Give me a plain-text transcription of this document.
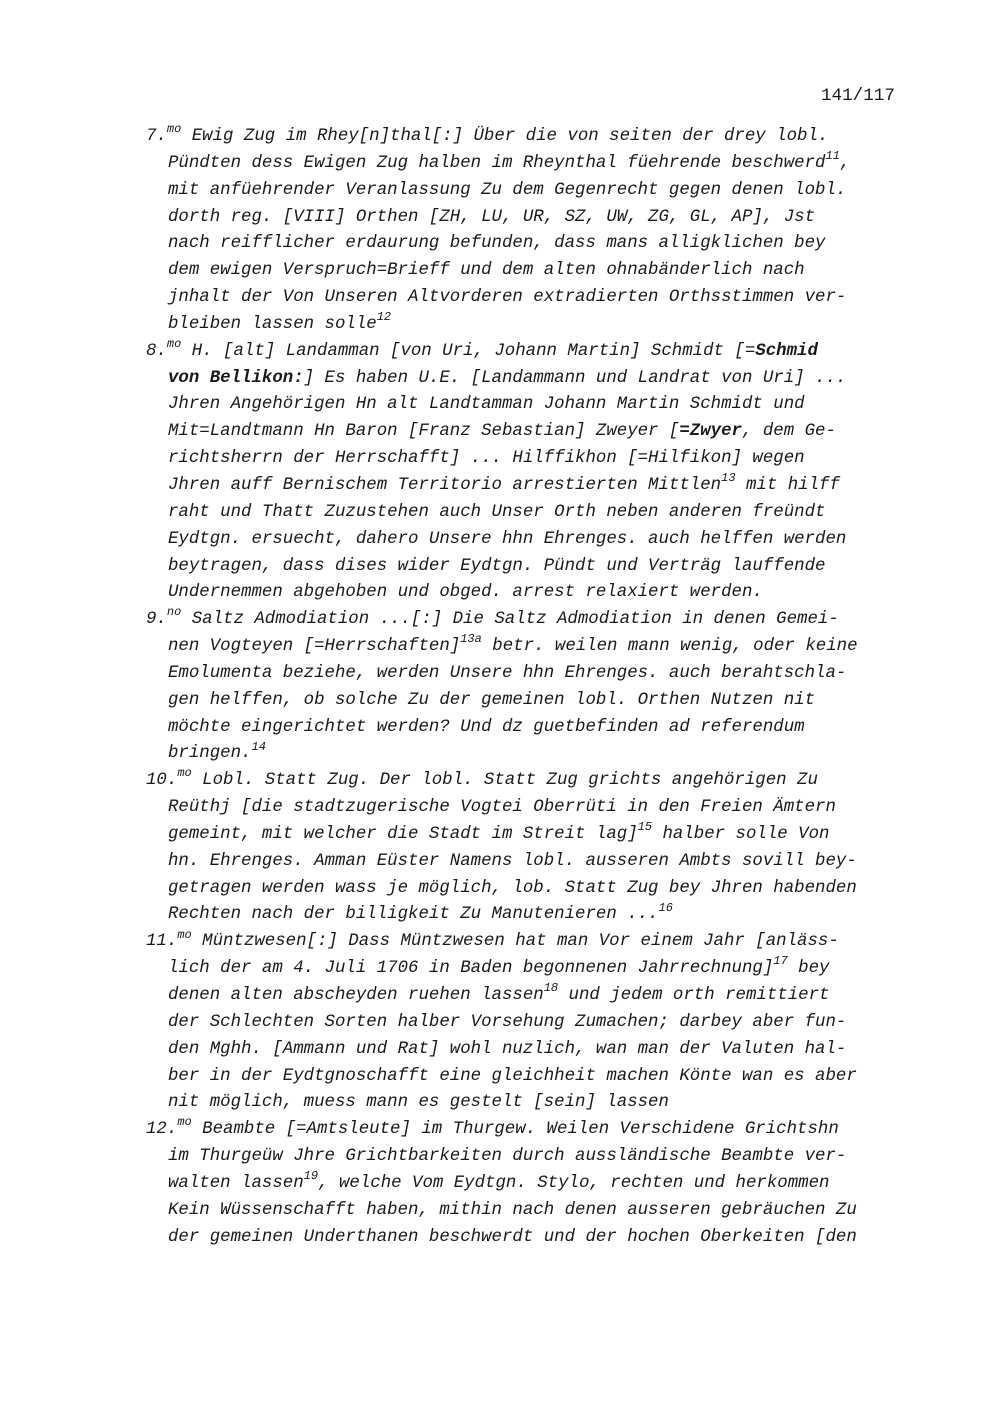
141/117
7.$^{mo}$ Ewig Zug im Rhey[n]thal[:] Über die von seiten der drey lobl.
Pündten dess Ewigen Zug halben im Rheynthal füehrende beschwerd$^{11}$,
mit anfüehrender Veranlassung Zu dem Gegenrecht gegen denen lobl.
dorth reg. [VIII] Orthen [ZH, LU, UR, SZ, UW, ZG, GL, AP], Jst
nach reifflicher erdaurung befunden, dass mans alligklichen bey
dem ewigen Verspruch=Brieff und dem alten ohnabänderlich nach
jnhalt der Von Unseren Altvorderen extradierten Orthsstimmen ver-
bleiben lassen solle$^{12}$
8.$^{mo}$ H. [alt] Landamman [von Uri, Johann Martin] Schmidt [=Schmid
von Bellikon:] Es haben U.E. [Landammann und Landrat von Uri] ...
Jhren Angehörigen Hn alt Landtamman Johann Martin Schmidt und
Mit=Landtmann Hn Baron [Franz Sebastian] Zweyer [=Zwyer, dem Ge-
richtsherrn der Herrschafft] ... Hilffikhon [=Hilfikon] wegen
Jhren auff Bernischem Territorio arrestierten Mittlen$^{13}$ mit hilff
raht und Thatt Zuzustehen auch Unser Orth neben anderen freündt
Eydtgn. ersuecht, dahero Unsere hhn Ehrenges. auch helffen werden
beytragen, dass dises wider Eydtgn. Pündt und Verträg lauffende
Undernemmen abgehoben und obged. arrest relaxiert werden.
9.$^{no}$ Saltz Admodiation ...[:] Die Saltz Admodiation in denen Gemei-
nen Vogteyen [=Herrschaften]$^{13a}$ betr. weilen mann wenig, oder keine
Emolumenta beziehe, werden Unsere hhn Ehrenges. auch berahtschla-
gen helffen, ob solche Zu der gemeinen lobl. Orthen Nutzen nit
möchte eingerichtet werden? Und dz guetbefinden ad referendum
bringen.$^{14}$
10.$^{mo}$ Lobl. Statt Zug. Der lobl. Statt Zug grichts angehörigen Zu
Reüthj [die stadtzugerische Vogtei Oberrüti in den Freien Ämtern
gemeint, mit welcher die Stadt im Streit lag]$^{15}$ halber solle Von
hn. Ehrenges. Amman Eüster Namens lobl. ausseren Ambts sovill bey-
getragen werden wass je möglich, lob. Statt Zug bey Jhren habenden
Rechten nach der billigkeit Zu Manutenieren ...$^{16}$
11.$^{mo}$ Müntzwesen[:] Dass Müntzwesen hat man Vor einem Jahr [anläss-
lich der am 4. Juli 1706 in Baden begonnenen Jahrrechnung]$^{17}$ bey
denen alten abscheyden ruehen lassen$^{18}$ und jedem orth remittiert
der Schlechten Sorten halber Vorsehung Zumachen; darbey aber fun-
den Mghh. [Ammann und Rat] wohl nuzlich, wan man der Valuten hal-
ber in der Eydtgnoschafft eine gleichheit machen Könte wan es aber
nit möglich, muess mann es gestelt [sein] lassen
12.$^{mo}$ Beambte [=Amtsleute] im Thurgew. Weilen Verschidene Grichtshn
im Thurgeüw Jhre Grichtbarkeiten durch aussländische Beambte ver-
walten lassen$^{19}$, welche Vom Eydtgn. Stylo, rechten und herkommen
Kein Wüssenschafft haben, mithin nach denen ausseren gebräuchen Zu
der gemeinen Underthanen beschwerdt und der hochen Oberkeiten [den
